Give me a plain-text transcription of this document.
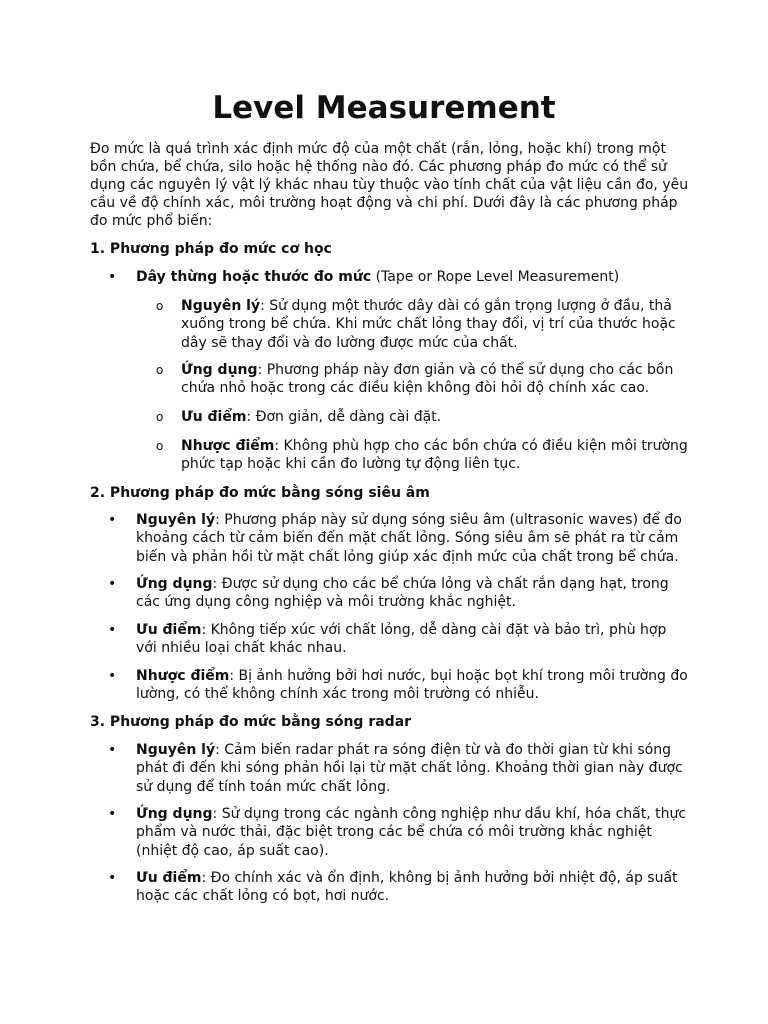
Level Measurement

Đo mức là quá trình xác định mức độ của một chất (rắn, lỏng, hoặc khí) trong một bồn chứa, bể chứa, silo hoặc hệ thống nào đó. Các phương pháp đo mức có thể sử dụng các nguyên lý vật lý khác nhau tùy thuộc vào tính chất của vật liệu cần đo, yêu cầu về độ chính xác, môi trường hoạt động và chi phí. Dưới đây là các phương pháp đo mức phổ biến:

1. Phương pháp đo mức cơ học

• Dây thừng hoặc thước đo mức (Tape or Rope Level Measurement)

o Nguyên lý: Sử dụng một thước dây dài có gắn trọng lượng ở đầu, thả xuống trong bể chứa. Khi mức chất lỏng thay đổi, vị trí của thước hoặc dây sẽ thay đổi và đo lường được mức của chất.

o Ứng dụng: Phương pháp này đơn giản và có thể sử dụng cho các bồn chứa nhỏ hoặc trong các điều kiện không đòi hỏi độ chính xác cao.

o Ưu điểm: Đơn giản, dễ dàng cài đặt.

o Nhược điểm: Không phù hợp cho các bồn chứa có điều kiện môi trường phức tạp hoặc khi cần đo lường tự động liên tục.

2. Phương pháp đo mức bằng sóng siêu âm

• Nguyên lý: Phương pháp này sử dụng sóng siêu âm (ultrasonic waves) để đo khoảng cách từ cảm biến đến mặt chất lỏng. Sóng siêu âm sẽ phát ra từ cảm biến và phản hồi từ mặt chất lỏng giúp xác định mức của chất trong bể chứa.

• Ứng dụng: Được sử dụng cho các bể chứa lỏng và chất rắn dạng hạt, trong các ứng dụng công nghiệp và môi trường khắc nghiệt.

• Ưu điểm: Không tiếp xúc với chất lỏng, dễ dàng cài đặt và bảo trì, phù hợp với nhiều loại chất khác nhau.

• Nhược điểm: Bị ảnh hưởng bởi hơi nước, bụi hoặc bọt khí trong môi trường đo lường, có thể không chính xác trong môi trường có nhiễu.

3. Phương pháp đo mức bằng sóng radar

• Nguyên lý: Cảm biến radar phát ra sóng điện từ và đo thời gian từ khi sóng phát đi đến khi sóng phản hồi lại từ mặt chất lỏng. Khoảng thời gian này được sử dụng để tính toán mức chất lỏng.

• Ứng dụng: Sử dụng trong các ngành công nghiệp như dầu khí, hóa chất, thực phẩm và nước thải, đặc biệt trong các bể chứa có môi trường khắc nghiệt (nhiệt độ cao, áp suất cao).

• Ưu điểm: Đo chính xác và ổn định, không bị ảnh hưởng bởi nhiệt độ, áp suất hoặc các chất lỏng có bọt, hơi nước.
